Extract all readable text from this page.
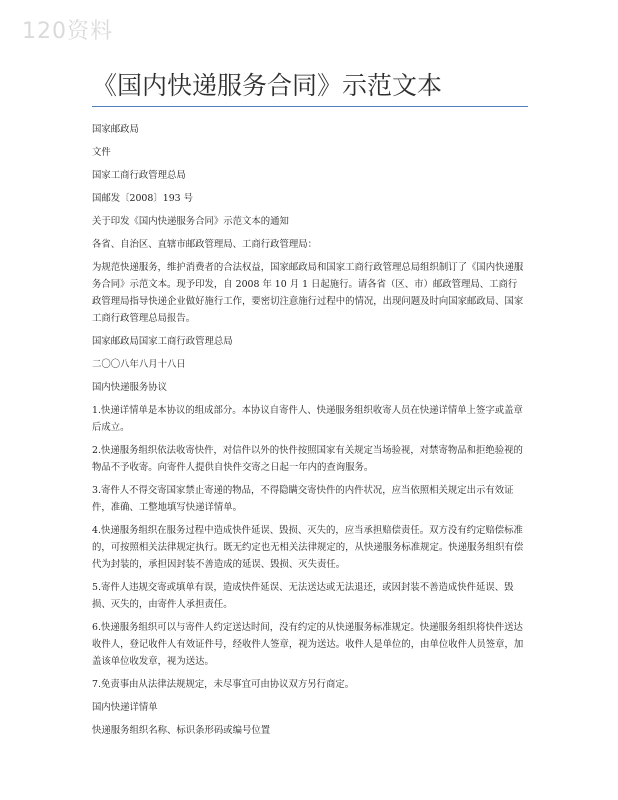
120资料
《国内快递服务合同》示范文本

国家邮政局

文件

国家工商行政管理总局

国邮发〔2008〕193 号

关于印发《国内快递服务合同》示范文本的通知

各省、自治区、直辖市邮政管理局、工商行政管理局：

为规范快递服务，维护消费者的合法权益，国家邮政局和国家工商行政管理总局组织制订了《国内快递服务合同》示范文本。现予印发，自 2008 年 10 月 1 日起施行。请各省（区、市）邮政管理局、工商行政管理局指导快递企业做好施行工作，要密切注意施行过程中的情况，出现问题及时向国家邮政局、国家工商行政管理总局报告。

国家邮政局国家工商行政管理总局

二〇〇八年八月十八日

国内快递服务协议

1.快递详情单是本协议的组成部分。本协议自寄件人、快递服务组织收寄人员在快递详情单上签字或盖章后成立。

2.快递服务组织依法收寄快件，对信件以外的快件按照国家有关规定当场验视，对禁寄物品和拒绝验视的物品不予收寄。向寄件人提供自快件交寄之日起一年内的查询服务。

3.寄件人不得交寄国家禁止寄递的物品，不得隐瞒交寄快件的内件状况，应当依照相关规定出示有效证件，准确、工整地填写快递详情单。

4.快递服务组织在服务过程中造成快件延误、毁损、灭失的，应当承担赔偿责任。双方没有约定赔偿标准的，可按照相关法律规定执行。既无约定也无相关法律规定的，从快递服务标准规定。快递服务组织有偿代为封装的，承担因封装不善造成的延误、毁损、灭失责任。

5.寄件人违规交寄或填单有误，造成快件延误、无法送达或无法退还，或因封装不善造成快件延误、毁损、灭失的，由寄件人承担责任。

6.快递服务组织可以与寄件人约定送达时间，没有约定的从快递服务标准规定。快递服务组织将快件送达收件人，登记收件人有效证件号，经收件人签章，视为送达。收件人是单位的，由单位收件人员签章，加盖该单位收发章，视为送达。

7.免责事由从法律法规规定，未尽事宜可由协议双方另行商定。

国内快递详情单

快递服务组织名称、标识条形码或编号位置
